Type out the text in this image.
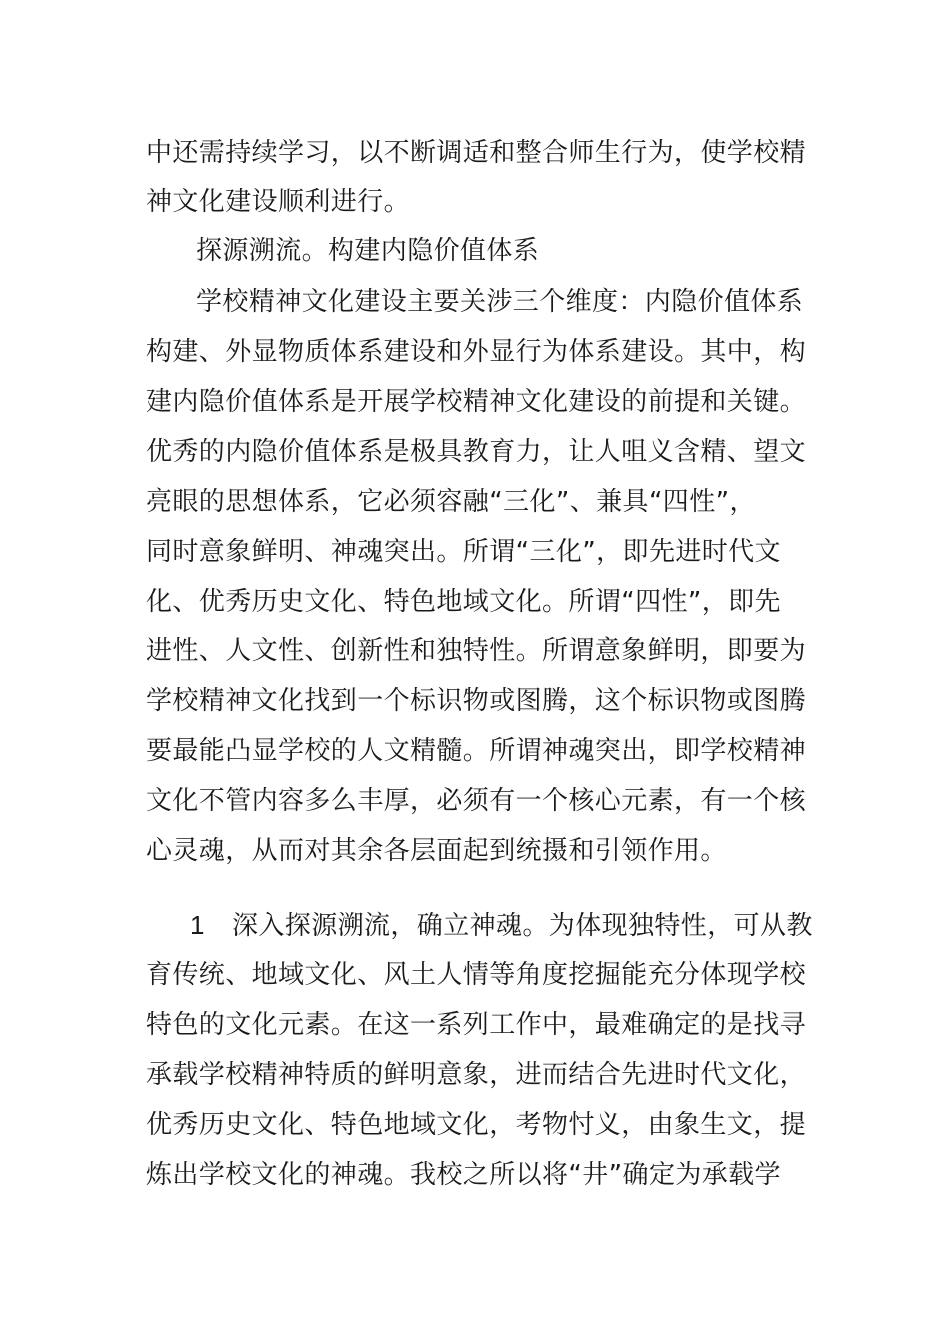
中还需持续学习，以不断调适和整合师生行为，使学校精
神文化建设顺利进行。
探源溯流。构建内隐价值体系
学校精神文化建设主要关涉三个维度：内隐价值体系
构建、外显物质体系建设和外显行为体系建设。其中，构
建内隐价值体系是开展学校精神文化建设的前提和关键。
优秀的内隐价值体系是极具教育力，让人咀义含精、望文
亮眼的思想体系，它必须容融“三化”、兼具“四性”，
同时意象鲜明、神魂突出。所谓“三化”，即先进时代文
化、优秀历史文化、特色地域文化。所谓“四性”，即先
进性、人文性、创新性和独特性。所谓意象鲜明，即要为
学校精神文化找到一个标识物或图腾，这个标识物或图腾
要最能凸显学校的人文精髓。所谓神魂突出，即学校精神
文化不管内容多么丰厚，必须有一个核心元素，有一个核
心灵魂，从而对其余各层面起到统摄和引领作用。
1 深入探源溯流，确立神魂。为体现独特性，可从教
育传统、地域文化、风土人情等角度挖掘能充分体现学校
特色的文化元素。在这一系列工作中，最难确定的是找寻
承载学校精神特质的鲜明意象，进而结合先进时代文化，
优秀历史文化、特色地域文化，考物忖义，由象生文，提
炼出学校文化的神魂。我校之所以将“井”确定为承载学
